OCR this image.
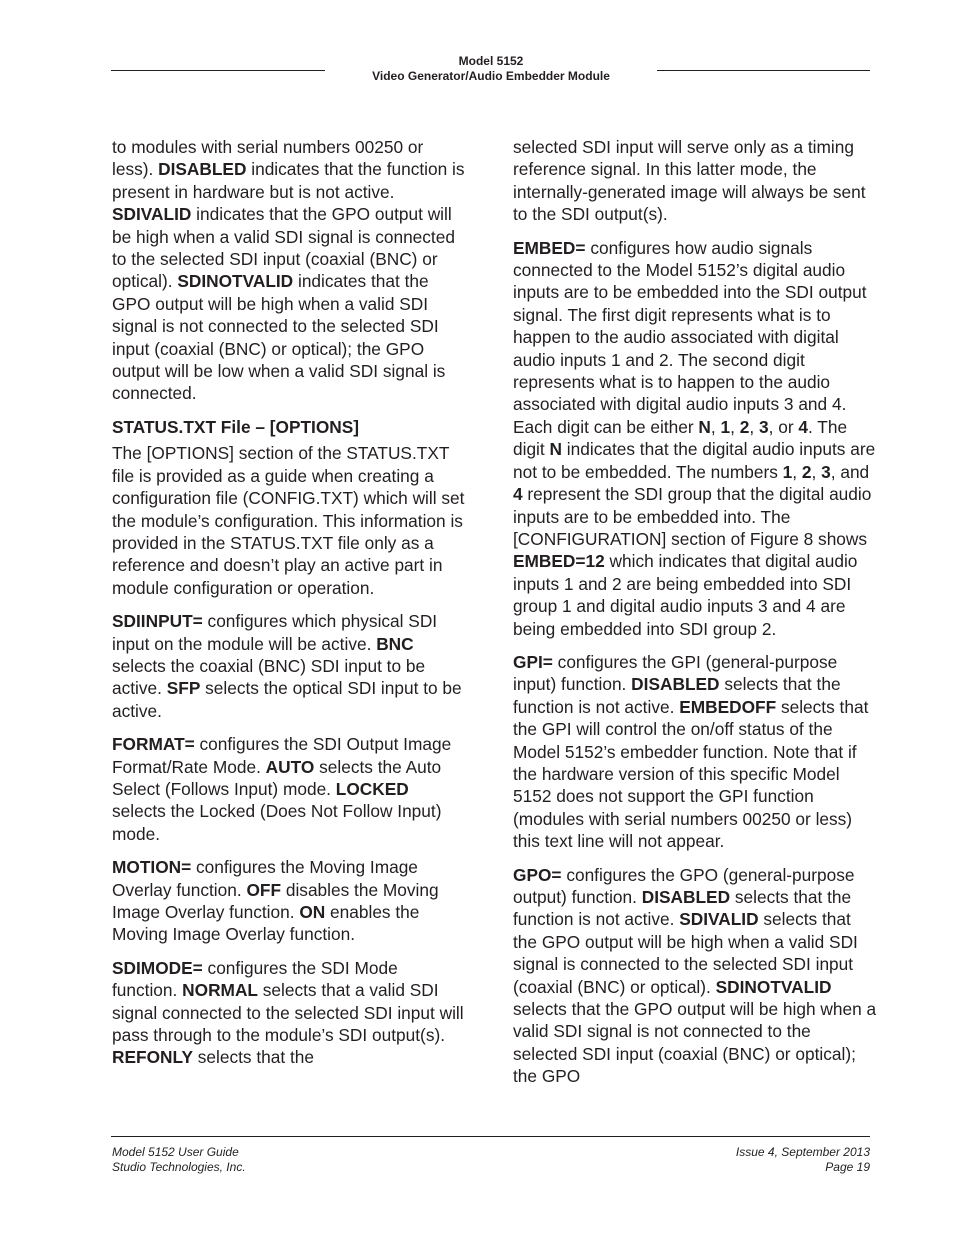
Model 5152
Video Generator/Audio Embedder Module

to modules with serial numbers 00250 or less). DISABLED indicates that the function is present in hardware but is not active. SDIVALID indicates that the GPO output will be high when a valid SDI signal is connected to the selected SDI input (coaxial (BNC) or optical). SDINOTVALID indicates that the GPO output will be high when a valid SDI signal is not connected to the selected SDI input (coaxial (BNC) or optical); the GPO output will be low when a valid SDI signal is connected.

STATUS.TXT File – [OPTIONS]

The [OPTIONS] section of the STATUS.TXT file is provided as a guide when creating a configuration file (CONFIG.TXT) which will set the module’s configuration. This information is provided in the STATUS.TXT file only as a reference and doesn’t play an active part in module configuration or operation.

SDIINPUT= configures which physical SDI input on the module will be active. BNC selects the coaxial (BNC) SDI input to be active. SFP selects the optical SDI input to be active.

FORMAT= configures the SDI Output Image Format/Rate Mode. AUTO selects the Auto Select (Follows Input) mode. LOCKED selects the Locked (Does Not Follow Input) mode.

MOTION= configures the Moving Image Overlay function. OFF disables the Moving Image Overlay function. ON enables the Moving Image Overlay function.

SDIMODE= configures the SDI Mode function. NORMAL selects that a valid SDI signal connected to the selected SDI input will pass through to the module’s SDI output(s). REFONLY selects that the

selected SDI input will serve only as a timing reference signal. In this latter mode, the internally-generated image will always be sent to the SDI output(s).

EMBED= configures how audio signals connected to the Model 5152’s digital audio inputs are to be embedded into the SDI output signal. The first digit represents what is to happen to the audio associated with digital audio inputs 1 and 2. The second digit represents what is to happen to the audio associated with digital audio inputs 3 and 4. Each digit can be either N, 1, 2, 3, or 4. The digit N indicates that the digital audio inputs are not to be embedded. The numbers 1, 2, 3, and 4 represent the SDI group that the digital audio inputs are to be embedded into. The [CONFIGURATION] section of Figure 8 shows EMBED=12 which indicates that digital audio inputs 1 and 2 are being embedded into SDI group 1 and digital audio inputs 3 and 4 are being embedded into SDI group 2.

GPI= configures the GPI (general-purpose input) function. DISABLED selects that the function is not active. EMBEDOFF selects that the GPI will control the on/off status of the Model 5152’s embedder function. Note that if the hardware version of this specific Model 5152 does not support the GPI function (modules with serial numbers 00250 or less) this text line will not appear.

GPO= configures the GPO (general-purpose output) function. DISABLED selects that the function is not active. SDIVALID selects that the GPO output will be high when a valid SDI signal is connected to the selected SDI input (coaxial (BNC) or optical). SDINOTVALID selects that the GPO output will be high when a valid SDI signal is not connected to the selected SDI input (coaxial (BNC) or optical); the GPO

Model 5152 User Guide
Studio Technologies, Inc.
Issue 4, September 2013
Page 19
